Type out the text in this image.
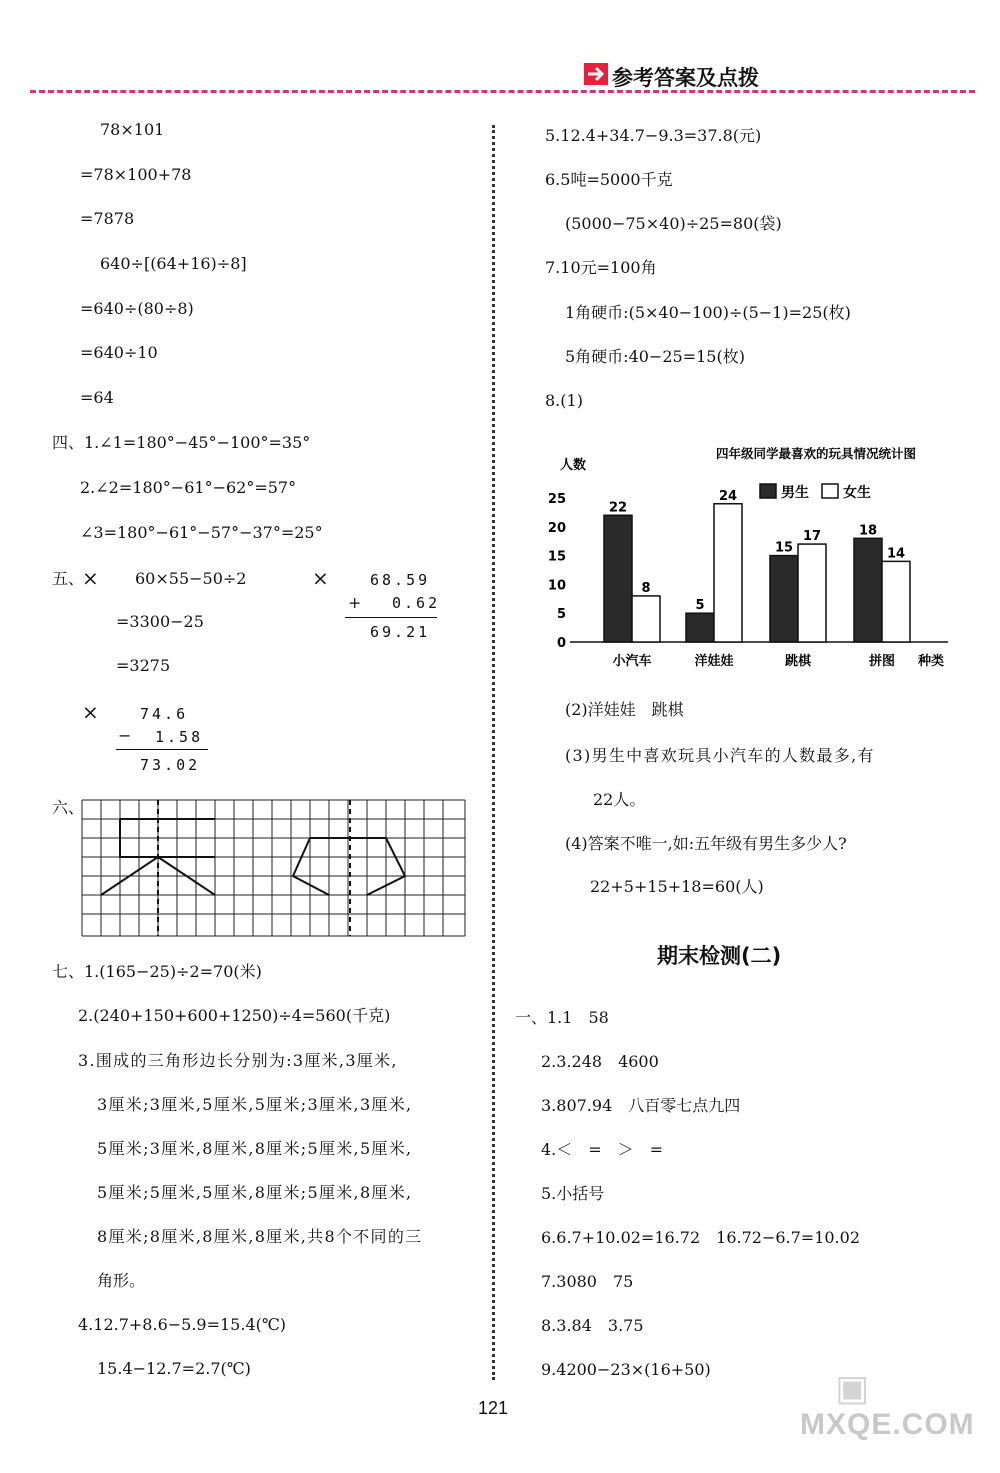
参考答案及点拨
78×101
=78×100+78
=7878
640÷[(64+16)÷8]
=640÷(80÷8)
=640÷10
=64
四、1.∠1=180°−45°−100°=35°
2.∠2=180°−61°−62°=57°
∠3=180°−61°−57°−37°=25°
五、
× 60×55−50÷2
=3300−25
=3275
×	68.59
+ 0.62
69.21
×	74.6
− 1.58
73.02
六、
七、1.(165−25)÷2=70(米)
2.(240+150+600+1250)÷4=560(千克)
3.围成的三角形边长分别为:3厘米,3厘米,
3厘米;3厘米,5厘米,5厘米;3厘米,3厘米,
5厘米;3厘米,8厘米,8厘米;5厘米,5厘米,
5厘米;5厘米,5厘米,8厘米;5厘米,8厘米,
8厘米;8厘米,8厘米,8厘米,共8个不同的三
角形。
4.12.7+8.6−5.9=15.4(℃)
15.4−12.7=2.7(℃)
5.12.4+34.7−9.3=37.8(元)
6.5吨=5000千克
(5000−75×40)÷25=80(袋)
7.10元=100角
1角硬币:(5×40−100)÷(5−1)=25(枚)
5角硬币:40−25=15(枚)
8.(1)
四年级同学最喜欢的玩具情况统计图
人数
种类
男生 女生
0
5
10
15
20
25
22
8
小汽车
5
24
洋娃娃
15
17
跳棋
18
14
拼图
(2)洋娃娃　跳棋
(3)男生中喜欢玩具小汽车的人数最多,有
22人。
(4)答案不唯一,如:五年级有男生多少人?
22+5+15+18=60(人)
期末检测(二)
一、1.1　58
2.3.248　4600
3.807.94　八百零七点九四
4.＜　=　＞　=
5.小括号
6.6.7+10.02=16.72　16.72−6.7=10.02
7.3080　75
8.3.84　3.75
9.4200−23×(16+50)
121	▣
MXQE.COM
